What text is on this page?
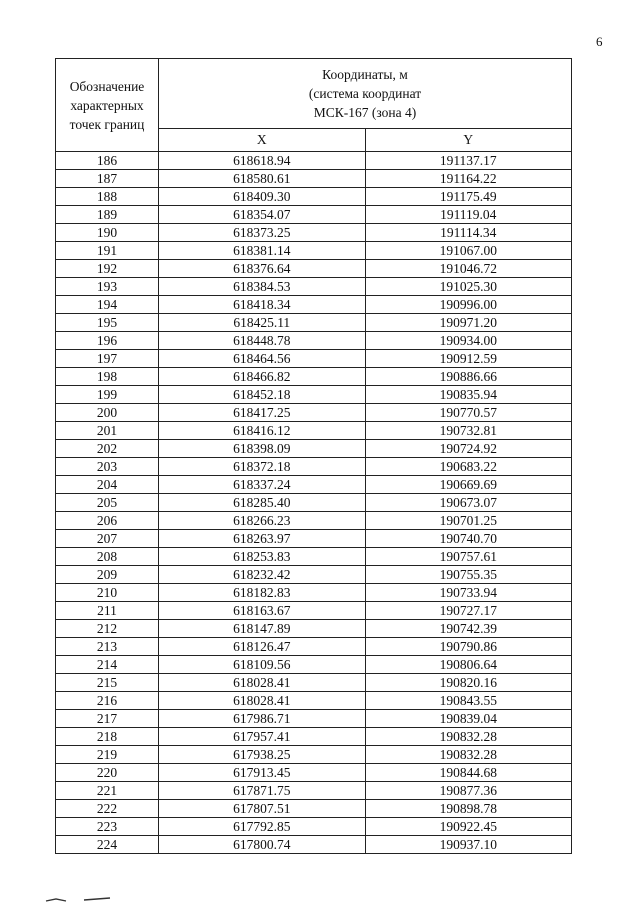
6
Обозначение
характерных
точек границ	Координаты, м
(система координат
МСК-167 (зона 4)	

	X	Y
186	618618.94	191137.17
187	618580.61	191164.22
188	618409.30	191175.49
189	618354.07	191119.04
190	618373.25	191114.34
191	618381.14	191067.00
192	618376.64	191046.72
193	618384.53	191025.30
194	618418.34	190996.00
195	618425.11	190971.20
196	618448.78	190934.00
197	618464.56	190912.59
198	618466.82	190886.66
199	618452.18	190835.94
200	618417.25	190770.57
201	618416.12	190732.81
202	618398.09	190724.92
203	618372.18	190683.22
204	618337.24	190669.69
205	618285.40	190673.07
206	618266.23	190701.25
207	618263.97	190740.70
208	618253.83	190757.61
209	618232.42	190755.35
210	618182.83	190733.94
211	618163.67	190727.17
212	618147.89	190742.39
213	618126.47	190790.86
214	618109.56	190806.64
215	618028.41	190820.16
216	618028.41	190843.55
217	617986.71	190839.04
218	617957.41	190832.28
219	617938.25	190832.28
220	617913.45	190844.68
221	617871.75	190877.36
222	617807.51	190898.78
223	617792.85	190922.45
224	617800.74	190937.10
